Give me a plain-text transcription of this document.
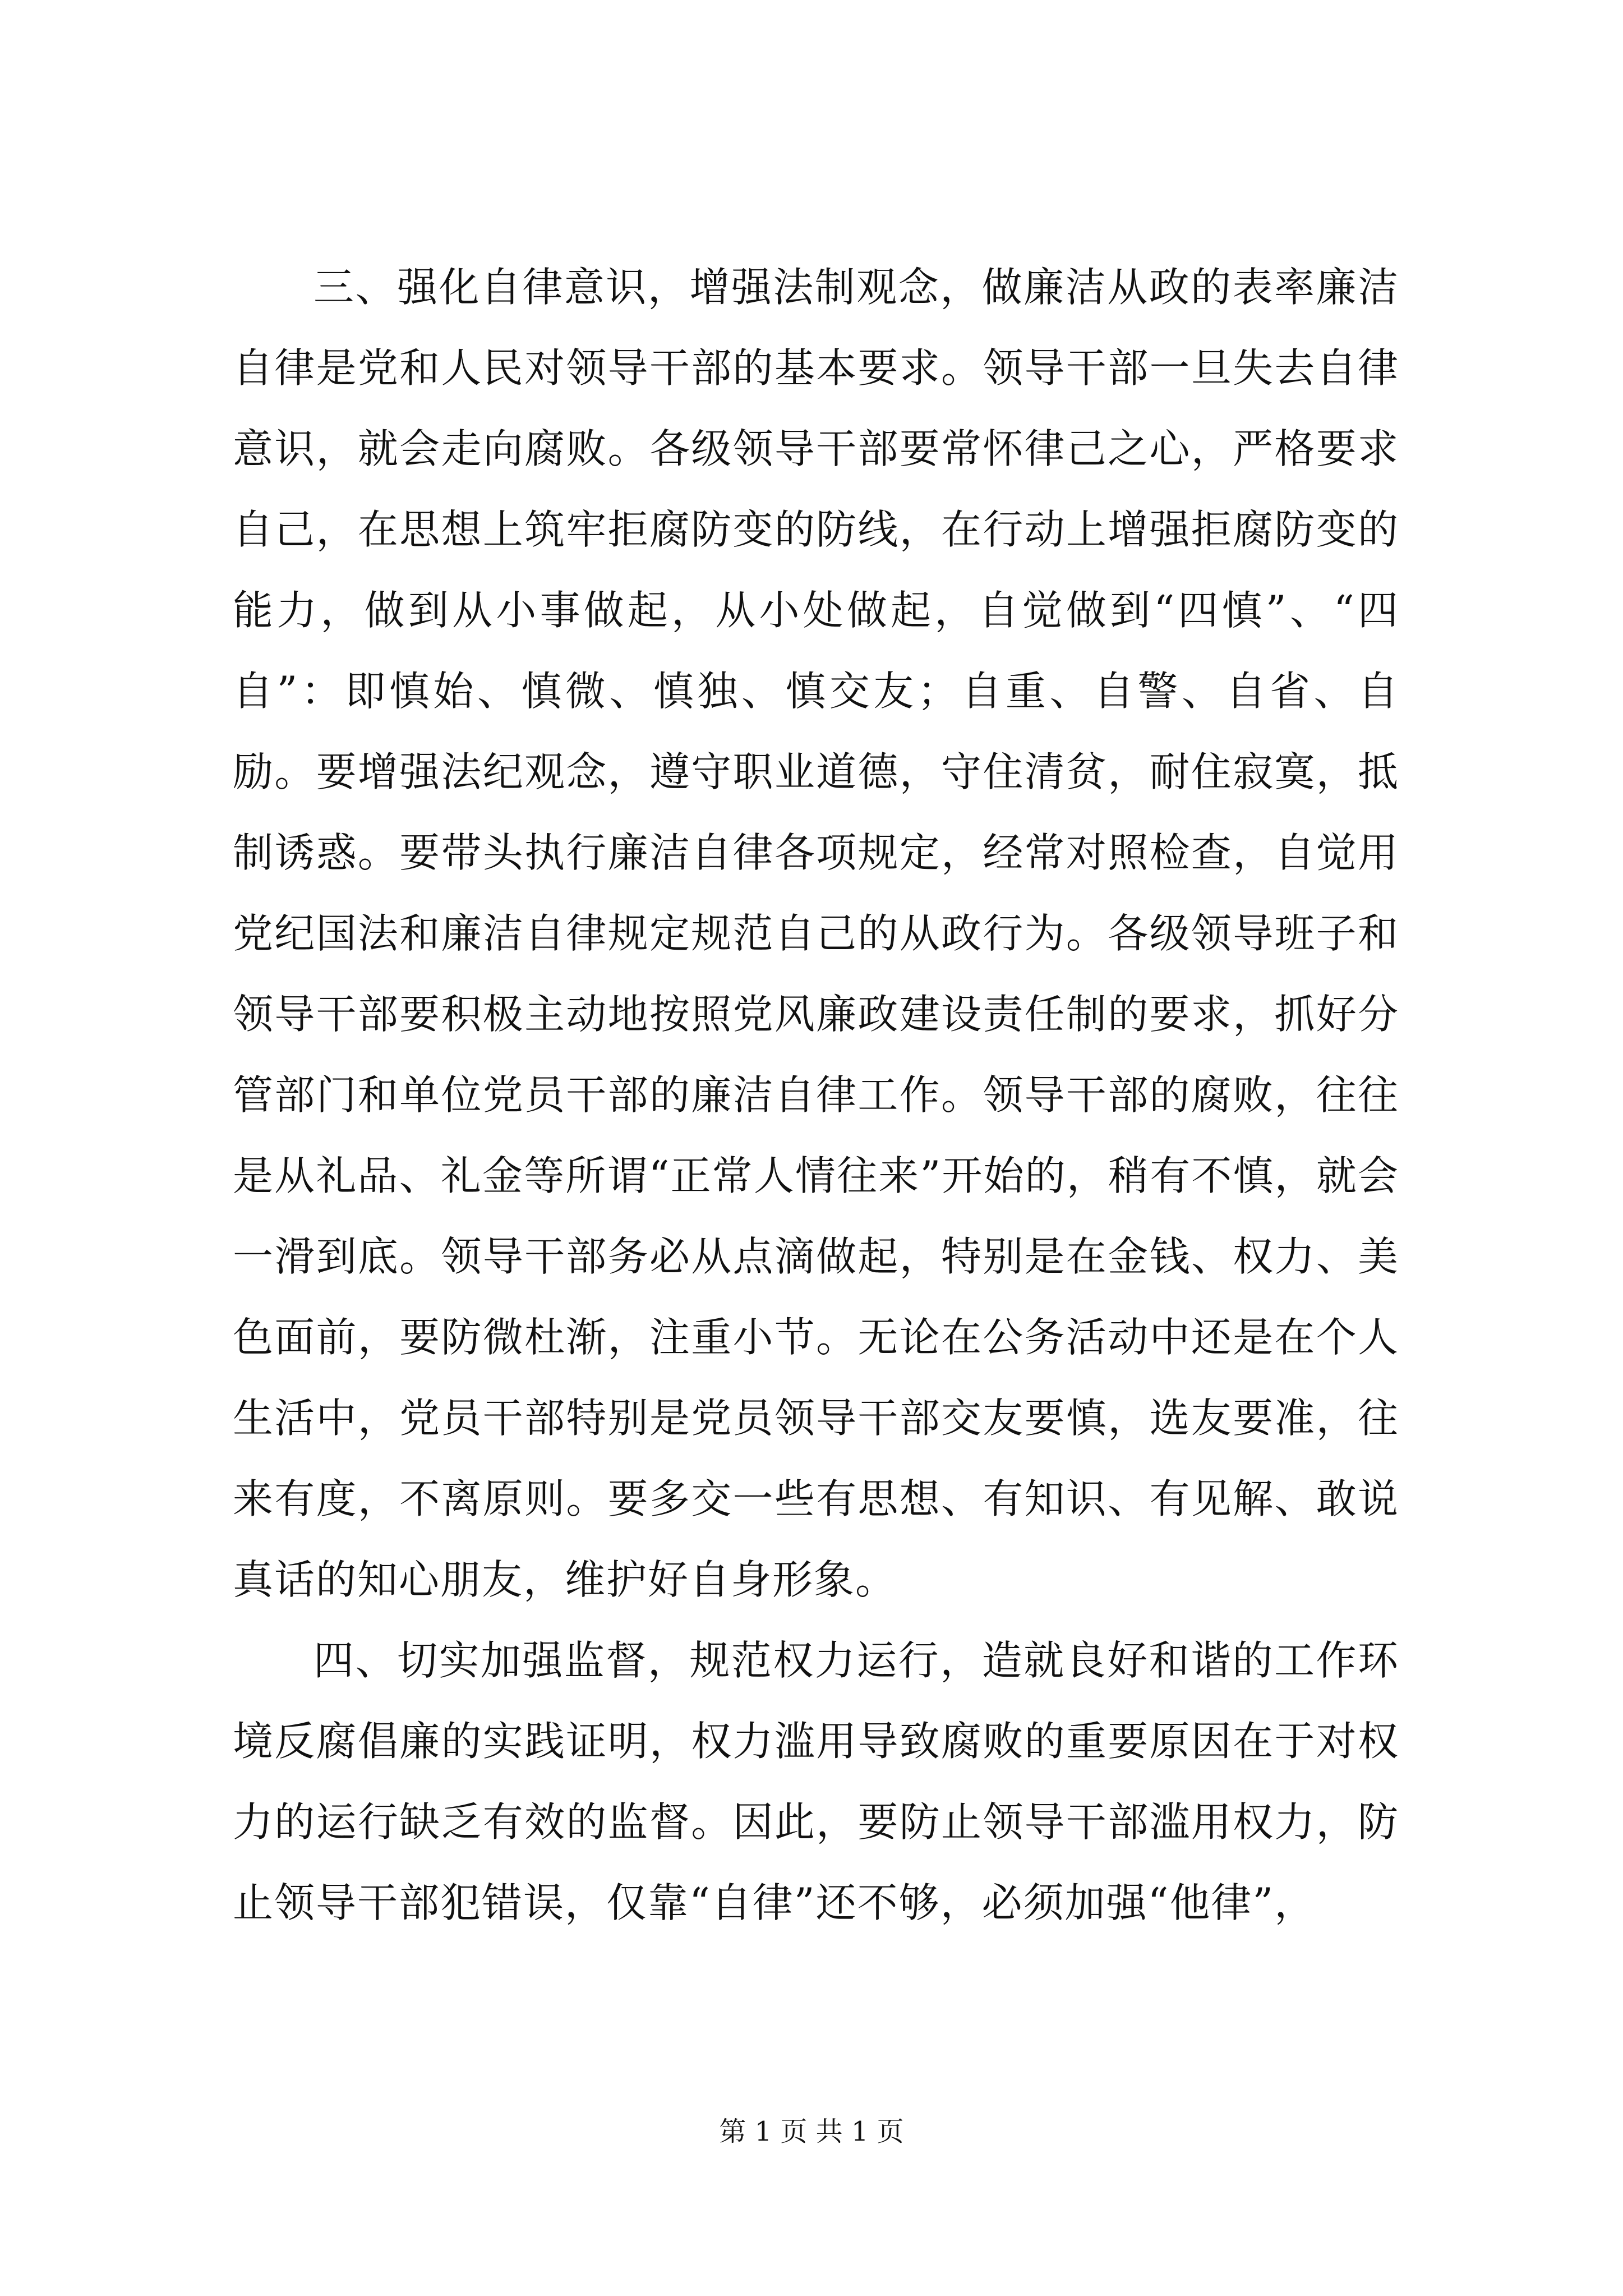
三、强化自律意识，增强法制观念，做廉洁从政的表率廉洁自律是党和人民对领导干部的基本要求。领导干部一旦失去自律意识，就会走向腐败。各级领导干部要常怀律己之心，严格要求自己，在思想上筑牢拒腐防变的防线，在行动上增强拒腐防变的能力，做到从小事做起，从小处做起，自觉做到“四慎”、“四自”：即慎始、慎微、慎独、慎交友；自重、自警、自省、自励。要增强法纪观念，遵守职业道德，守住清贫，耐住寂寞，抵制诱惑。要带头执行廉洁自律各项规定，经常对照检查，自觉用党纪国法和廉洁自律规定规范自己的从政行为。各级领导班子和领导干部要积极主动地按照党风廉政建设责任制的要求，抓好分管部门和单位党员干部的廉洁自律工作。领导干部的腐败，往往是从礼品、礼金等所谓“正常人情往来”开始的，稍有不慎，就会一滑到底。领导干部务必从点滴做起，特别是在金钱、权力、美色面前，要防微杜渐，注重小节。无论在公务活动中还是在个人生活中，党员干部特别是党员领导干部交友要慎，选友要准，往来有度，不离原则。要多交一些有思想、有知识、有见解、敢说真话的知心朋友，维护好自身形象。

四、切实加强监督，规范权力运行，造就良好和谐的工作环境反腐倡廉的实践证明，权力滥用导致腐败的重要原因在于对权力的运行缺乏有效的监督。因此，要防止领导干部滥用权力，防止领导干部犯错误，仅靠“自律”还不够，必须加强“他律”，

第 1 页 共 1 页
